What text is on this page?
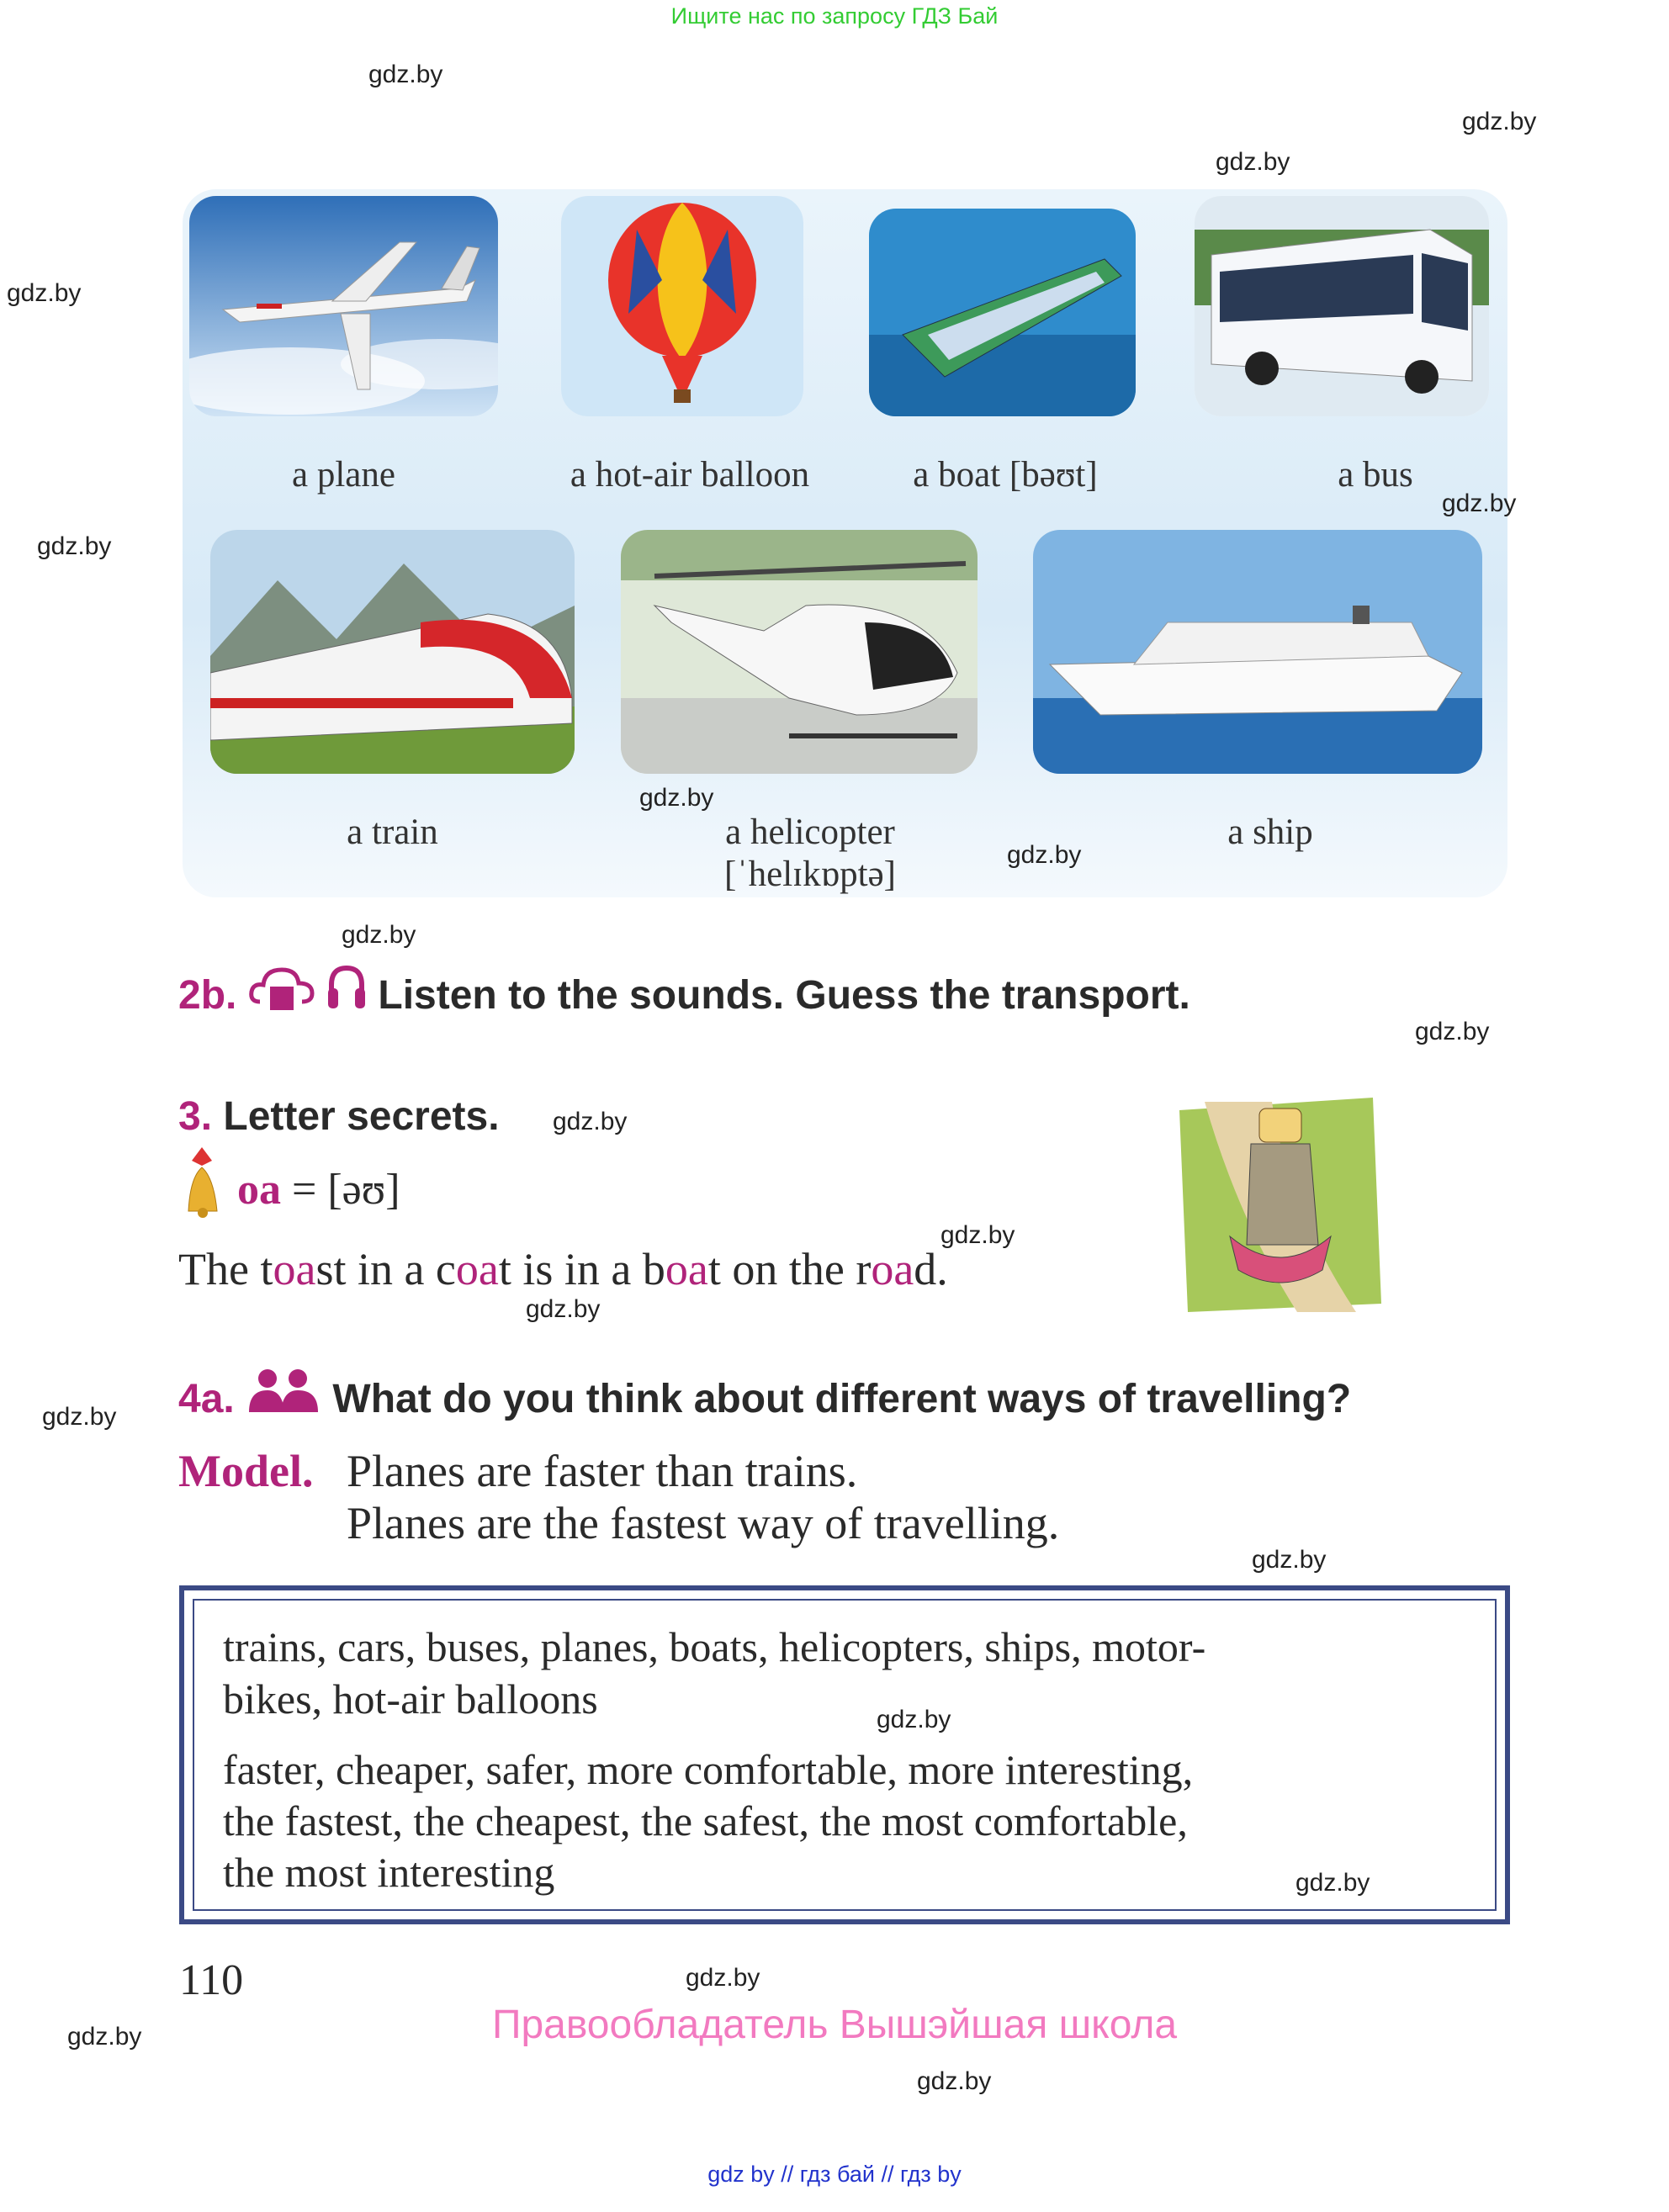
Ищите нас по запросу ГДЗ Бай
a plane	a hot-air balloon	a boat [bəʊt]	a bus
a train	a helicopter
[ˈhelɪkɒptə]
a ship
2b.	Listen to the sounds. Guess the transport.
3. Letter secrets.
oa = [əʊ]
The toast in a coat is in a boat on the road.
4a. What do you think about different ways of travelling?
Model. Planes are faster than trains.
Planes are the fastest way of travelling.
trains, cars, buses, planes, boats, helicopters, ships, motor-
bikes, hot-air balloons
faster, cheaper, safer, more comfortable, more interesting,
the fastest, the cheapest, the safest, the most comfortable,
the most interesting
110
Правообладатель Вышэйшая школа
gdz by // гдз бай // гдз by
gdz.by
gdz.by
gdz.by
gdz.by
gdz.by
gdz.by
gdz.by
gdz.by
gdz.by
gdz.by
gdz.by
gdz.by
gdz.by
gdz.by
gdz.by
gdz.by
gdz.by
gdz.by
gdz.by
gdz.by
